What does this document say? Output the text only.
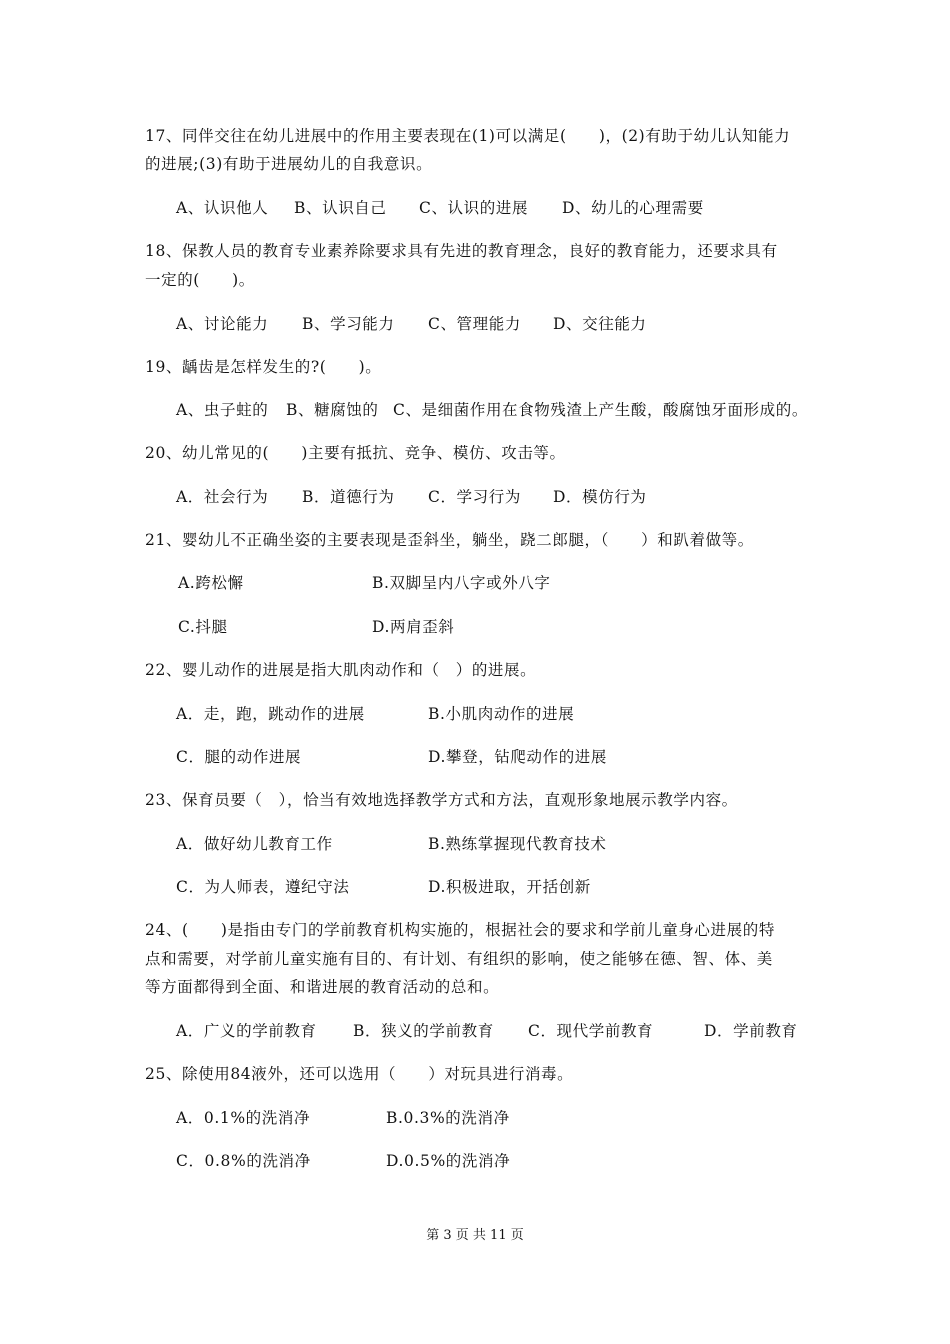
17、同伴交往在幼儿进展中的作用主要表现在(1)可以满足(　　)，(2)有助于幼儿认知能力
的进展;(3)有助于进展幼儿的自我意识。
A、认识他人 B、认识自己 C、认识的进展 D、幼儿的心理需要
18、保教人员的教育专业素养除要求具有先进的教育理念，良好的教育能力，还要求具有
一定的(　　)。
A、讨论能力 B、学习能力 C、管理能力 D、交往能力
19、龋齿是怎样发生的?(　　)。
A、虫子蛀的 B、糖腐蚀的 C、是细菌作用在食物残渣上产生酸，酸腐蚀牙面形成的。
20、幼儿常见的(　　)主要有抵抗、竞争、模仿、攻击等。
A．社会行为 B．道德行为 C．学习行为 D．模仿行为
21、婴幼儿不正确坐姿的主要表现是歪斜坐，躺坐，跷二郎腿，（　　）和趴着做等。
A.跨松懈	B.双脚呈内八字或外八字
C.抖腿	D.两肩歪斜
22、婴儿动作的进展是指大肌肉动作和（　）的进展。
A．走，跑，跳动作的进展	B.小肌肉动作的进展
C．腿的动作进展	D.攀登，钻爬动作的进展
23、保育员要（　），恰当有效地选择教学方式和方法，直观形象地展示教学内容。
A．做好幼儿教育工作	B.熟练掌握现代教育技术
C．为人师表，遵纪守法	D.积极进取，开括创新
24、(　　)是指由专门的学前教育机构实施的，根据社会的要求和学前儿童身心进展的特
点和需要，对学前儿童实施有目的、有计划、有组织的影响，使之能够在德、智、体、美
等方面都得到全面、和谐进展的教育活动的总和。
A．广义的学前教育 B．狭义的学前教育 C．现代学前教育	D．学前教育
25、除使用84液外，还可以选用（　　）对玩具进行消毒。
A．0.1%的洗消净	B.0.3%的洗消净
C．0.8%的洗消净	D.0.5%的洗消净
第 3 页 共 11 页
